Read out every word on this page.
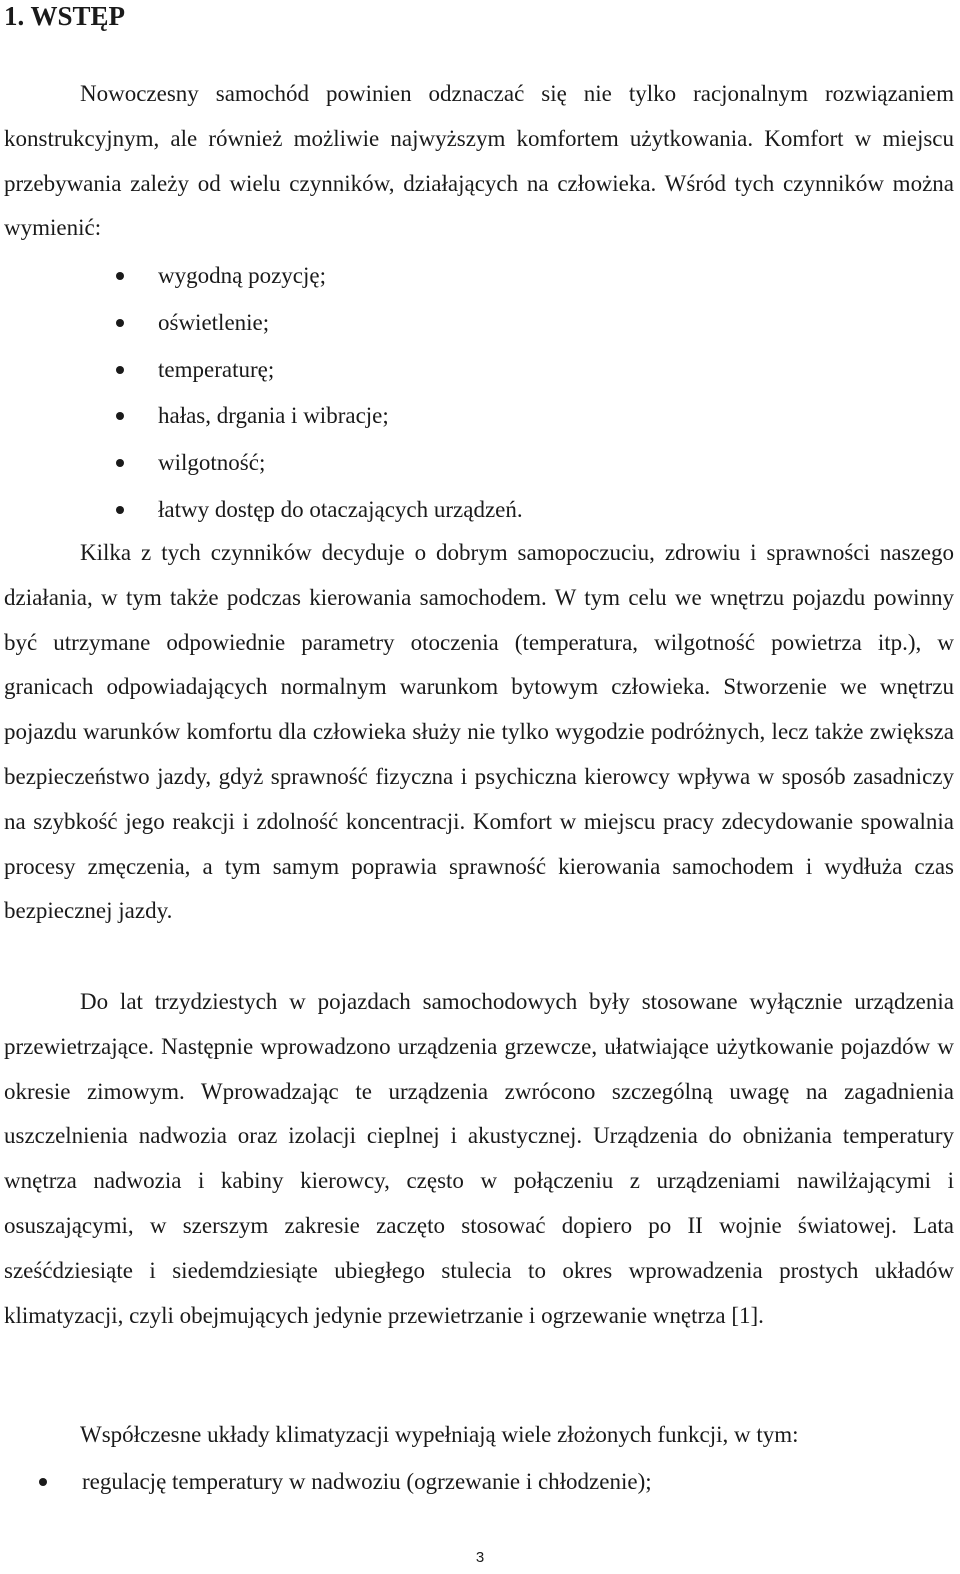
1. WSTĘP

Nowoczesny samochód powinien odznaczać się nie tylko racjonalnym rozwiązaniem konstrukcyjnym, ale również możliwie najwyższym komfortem użytkowania. Komfort w miejscu przebywania zależy od wielu czynników, działających na człowieka. Wśród tych czynników można wymienić:

wygodną pozycję;
oświetlenie;
temperaturę;
hałas, drgania i wibracje;
wilgotność;
łatwy dostęp do otaczających urządzeń.

Kilka z tych czynników decyduje o dobrym samopoczuciu, zdrowiu i sprawności naszego działania, w tym także podczas kierowania samochodem. W tym celu we wnętrzu pojazdu powinny być utrzymane odpowiednie parametry otoczenia (temperatura, wilgotność powietrza itp.), w granicach odpowiadających normalnym warunkom bytowym człowieka. Stworzenie we wnętrzu pojazdu warunków komfortu dla człowieka służy nie tylko wygodzie podróżnych, lecz także zwiększa bezpieczeństwo jazdy, gdyż sprawność fizyczna i psychiczna kierowcy wpływa w sposób zasadniczy na szybkość jego reakcji i zdolność koncentracji. Komfort w miejscu pracy zdecydowanie spowalnia procesy zmęczenia, a tym samym poprawia sprawność kierowania samochodem i wydłuża czas bezpiecznej jazdy.

Do lat trzydziestych w pojazdach samochodowych były stosowane wyłącznie urządzenia przewietrzające. Następnie wprowadzono urządzenia grzewcze, ułatwiające użytkowanie pojazdów w okresie zimowym. Wprowadzając te urządzenia zwrócono szczególną uwagę na zagadnienia uszczelnienia nadwozia oraz izolacji cieplnej i akustycznej. Urządzenia do obniżania temperatury wnętrza nadwozia i kabiny kierowcy, często w połączeniu z urządzeniami nawilżającymi i osuszającymi, w szerszym zakresie zaczęto stosować dopiero po II wojnie światowej. Lata sześćdziesiąte i siedemdziesiąte ubiegłego stulecia to okres wprowadzenia prostych układów klimatyzacji, czyli obejmujących jedynie przewietrzanie i ogrzewanie wnętrza [1].

Współczesne układy klimatyzacji wypełniają wiele złożonych funkcji, w tym:

regulację temperatury w nadwoziu (ogrzewanie i chłodzenie);
3
